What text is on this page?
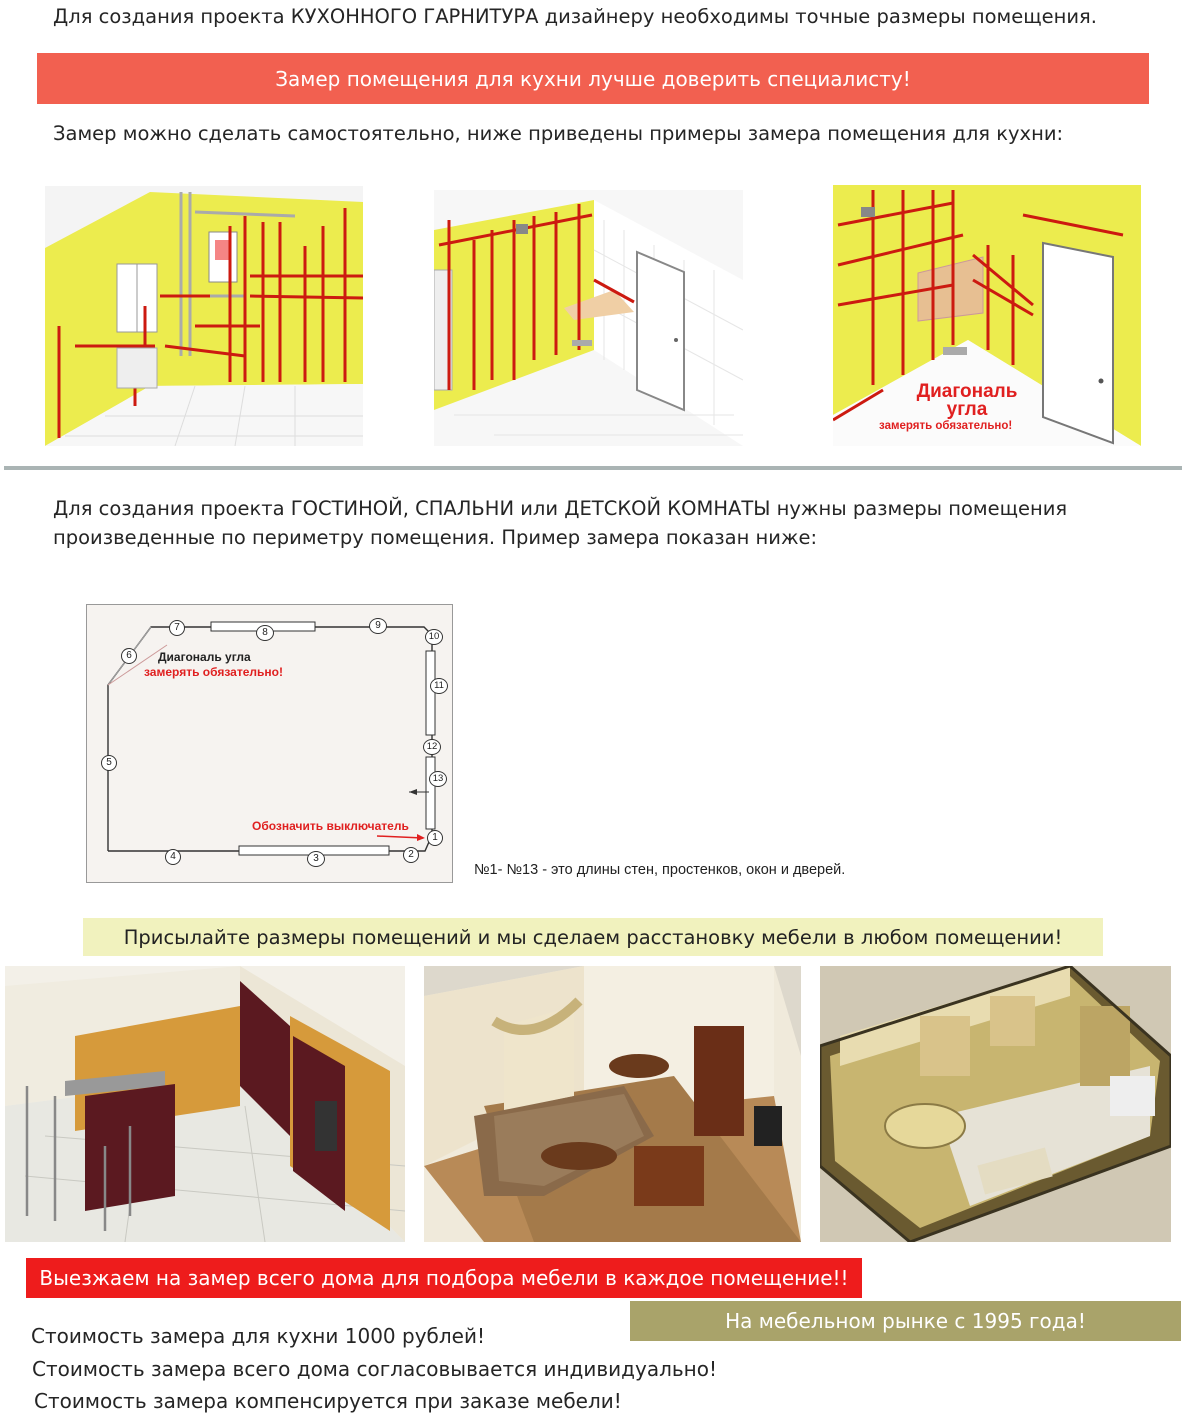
Для создания проекта КУХОННОГО ГАРНИТУРА дизайнеру необходимы точные размеры помещения.
Замер помещения для кухни лучше доверить специалисту!
Замер можно сделать самостоятельно, ниже приведены примеры замера помещения для кухни:
Диагональ
угла
замерять обязательно!
Для создания проекта ГОСТИНОЙ, СПАЛЬНИ или ДЕТСКОЙ КОМНАТЫ нужны размеры помещения
произведенные по периметру помещения. Пример замера показан ниже:
1
2
3
4
5
6
7	8
9
10
11
12
13
Диагональ угла
замерять обязательно!
Обозначить выключатель
№1- №13 - это длины стен, простенков, окон и дверей.
Присылайте размеры помещений и мы сделаем расстановку мебели в любом помещении!
Выезжаем на замер всего дома для подбора мебели в каждое помещение!!
На мебельном рынке с 1995 года!
Стоимость замера для кухни 1000 рублей!
Стоимость замера всего дома согласовывается индивидуально!
Стоимость замера компенсируется при заказе мебели!
